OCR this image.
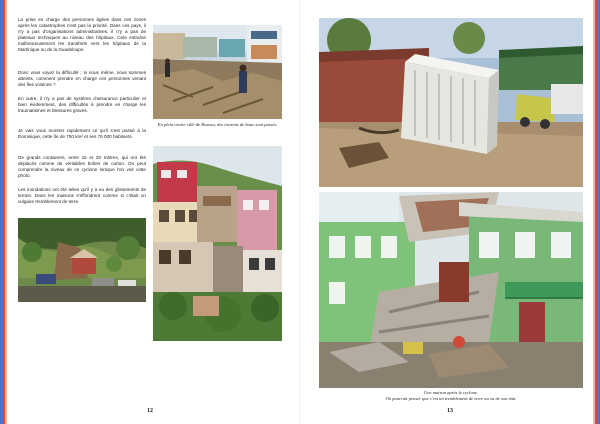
La prise en charge des personnes âgées dans ces zones après les catastrophes n'est pas la priorité. Dans ces pays, il n'y a pas d'organisations administratives, il n'y a pas de plateaux techniques au niveau des hôpitaux. Cela entraîne malheureusement les transferts vers les hôpitaux de la Martinique ou de la Guadeloupe.

Donc vous voyez la difficulté ; si nous même, nous sommes atteints, comment prendre en charge ces personnes venant des îles voisines ?

En outre, il n'y a pas de système d'assurance particulier et bien évidemment, des difficultés à prendre en charge les traumatismes et blessures graves.

Je vais vous montrer rapidement ce qu'il s'est passé à la Dominique, cette île de 750 km² et ses 76 000 habitants.

De grands containers, entre 15 et 20 mètres, qui ont été déplacés comme de véritables boîtes de carton. On peut comprendre la niveau de ce cyclone lorsque l'on voit cette photo.

Les inondations ont été telles qu'il y a eu des glissements de terrain. Dans les maisons s'effondrent comme si c'était un vulgaire tremblement de terre.

En plein centre ville de Roseau, des torrents de boue sont passés.
12
Une maison après le cyclone.
On pourrait penser que c'est un tremblement de terre au vu de son état.
13
